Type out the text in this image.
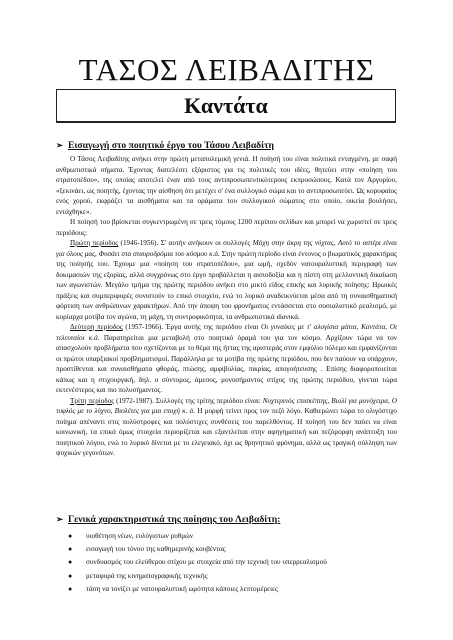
ΤΑΣΟΣ ΛΕΙΒΑΔΙΤΗΣ
Καντάτα
➢ Εισαγωγή στο ποιητικό έργο του Τάσου Λειβαδίτη

Ο Τάσος Λειβαδίτης ανήκει στην πρώτη μεταπολεμική γενιά. Η ποίησή του είναι πολιτικά ενταγμένη, με σαφή ανθρωπιστικά σήματα. Έχοντας διατελέσει εξόριστος για τις πολιτικές του ιδέες, θητεύει στην «ποίηση του στρατοπέδου», της οποίας αποτελεί έναν από τους αντιπροσωπευτικότερους εκπροσώπους. Κατά τον Αργυρίου, «ξεκινάει, ως ποιητής, έχοντας την αίσθηση ότι μετέχει σ' ένα συλλογικό σώμα και το αντιπροσωπεύει. Ως κορυφαίος ενός χορού, εκφράζει τα αισθήματα και τα οράματα του συλλογικού σώματος στο οποίο, οικεία βουλήσει, εντάχθηκε».

Η ποίησή του βρίσκεται συγκεντρωμένη σε τρεις τόμους 1200 περίπου σελίδων και μπορεί να χωριστεί σε τρεις περιόδους:

Πρώτη περίοδος (1946-1956). Σ' αυτήν ανήκουν οι συλλογές Μάχη στην άκρη της νύχτας, Αυτό το αστέρι είναι για όλους μας, Φυσάει στα σταυροδρόμια του κόσμου κ.ά. Στην πρώτη περίοδο είναι έντονος ο βιωματικός χαρακτήρας της ποίησής του. Έχουμε μια «ποίηση του στρατοπέδου», μια ωμή, σχεδόν νατουραλιστική περιγραφή των δοκιμασιών της εξορίας, αλλά συγχρόνως στο έργο προβάλλεται η αισιοδοξία και η πίστη στη μελλοντική δικαίωση των αγωνιστών. Μεγάλο τμήμα της πρώτης περιόδου ανήκει στο μικτό είδος επικής και λυρικής ποίησης: Ηρωικές πράξεις και συμπεριφορές συνιστούν το επικό στοιχείο, ενώ το λυρικό αναδεικνύεται μέσα από τη συναισθηματική φόρτιση των ανθρώπινων χαρακτήρων. Από την άποψη του φρονήματος εντάσσεται στο σοσιαλιστικό ρεαλισμό, με κυρίαρχα μοτίβα τον αγώνα, τη μάχη, τη συντροφικότητα, τα ανθρωπιστικά ιδανικά.

Δεύτερη περίοδος (1957-1966). Έργα αυτής της περιόδου είναι Οι γυναίκες με τ' αλογίσια μάτια, Καντάτα, Οι τελευταίοι κ.ά. Παρατηρείται μια μεταβολή στο ποιητικό όραμά του για τον κόσμο. Αρχίζουν τώρα να τον απασχολούν προβλήματα που σχετίζονται με το θέμα της ήττας της αριστεράς στον εμφύλιο πόλεμο και εμφανίζονται οι πρώτοι υπαρξιακοί προβληματισμοί. Παράλληλα με τα μοτίβα της πρώτης περιόδου, που δεν παύουν να υπάρχουν, προστίθενται και συναισθήματα φθοράς, πτώσης, αμφιβολίας, πικρίας, απογοήτευσης . Επίσης διαφοροποιείται κάπως και η στιχουργική, δηλ. ο σύντομος, άμεσος, μονοσήμαντος στίχος της πρώτης περιόδου, γίνεται τώρα εκτενέστερος και πιο πολυσήμαντος.

Τρίτη περίοδος (1972-1987). Συλλογές της τρίτης περιόδου είναι: Νυχτερινός επισκέπτης, Βιολί για μονόχειρα, Ο τυφλός με το λύχνο, Βιολέτες για μια εποχή κ. ά. Η μορφή τείνει προς τον πεζό λόγο. Καθιερώνει τώρα το ολιγόστιχο ποίημα απέναντι στις πολύστροφες και πολύστιχες συνθέσεις του παρελθόντος. Η ποίησή του δεν παύει να είναι κοινωνική, τα επικά όμως στοιχεία περιορίζεται και εξαντλείται στην αφηγηματική και πεζόμορφη ανάπτυξη του ποιητικού λόγου, ενώ το λυρικό δίνεται με το ελεγειακό, όχι ως θρηνητικό φρόνημα, αλλά ως τραγική σύλληψη των ψυχικών γεγονότων.

➢ Γενικά χαρακτηριστικά της ποίησης του Λειβαδίτη:
● υιοθέτηση νέων, ευλύγιστων ρυθμών
● εισαγωγή του τόνου της καθημερινής κουβέντας
● συνδυασμός του ελεύθερου στίχου με στοιχεία από την τεχνική του υπερρεαλισμού
● μεταφορά της κινηματογραφικής τεχνικής
● τάση να τονίζει με νατουραλιστική ωμότητα κάποιες λεπτομέρειες
